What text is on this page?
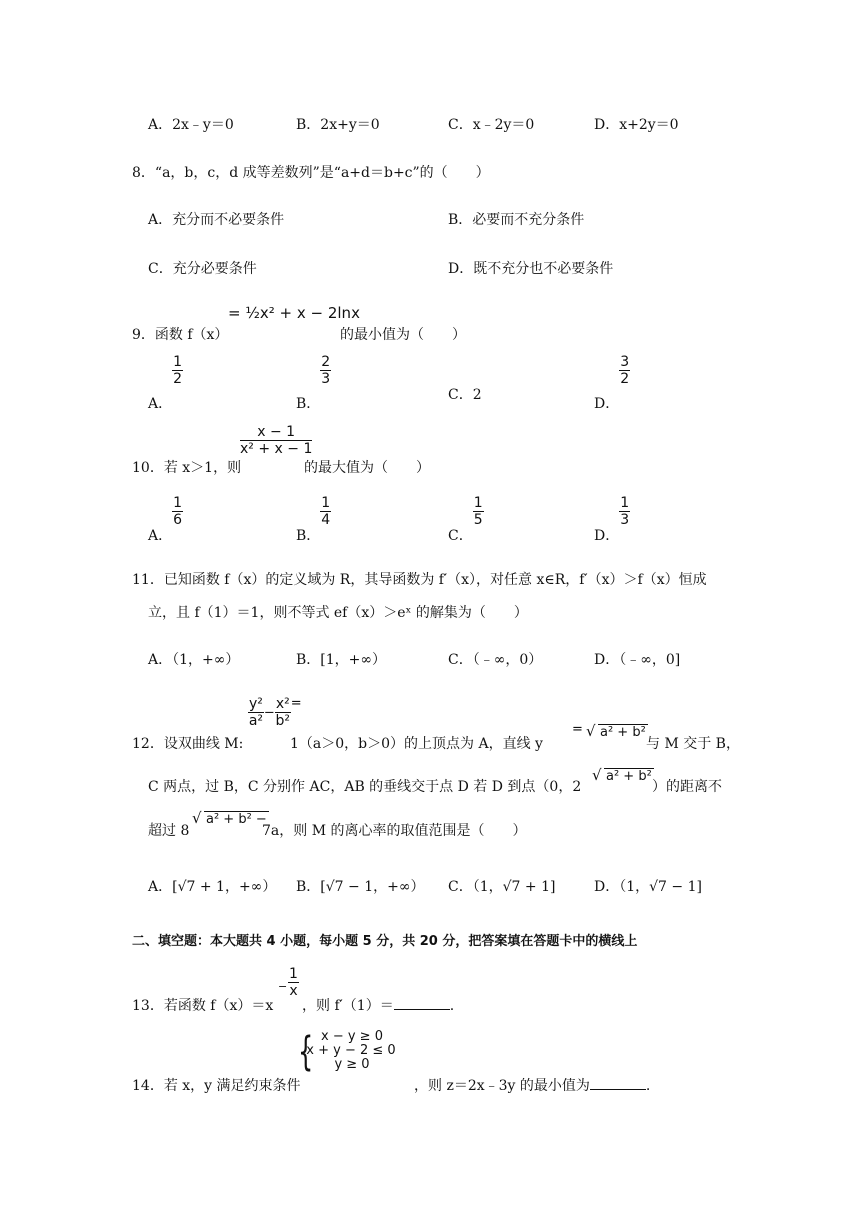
A．2x﹣y＝0	B．2x+y＝0	C．x﹣2y＝0	D．x+2y＝0
8．“a，b，c，d 成等差数列”是“a+d＝b+c”的（　　）
A．充分而不必要条件	B．必要而不充分条件
C．充分必要条件	D．既不充分也不必要条件
9．函数 f（x）
= ½x² + x − 2lnx
的最小值为（　　）
A．
$\frac{1}{2}$
B．
$\frac{2}{3}$
C．2
D．
$\frac{3}{2}$
10．若 x＞1，则
$\frac{x - 1}{\text{x² + x − 1}}$
的最大值为（　　）
A．
$\frac{1}{6}$
B．
$\frac{1}{4}$
C．
$\frac{1}{5}$
D．
$\frac{1}{3}$
11．已知函数 f（x）的定义域为 R，其导函数为 f′（x），对任意 x∈R，f′（x）＞f（x）恒成
立，且 f（1）＝1，则不等式 ef（x）＞eˣ 的解集为（　　）
A．（1，+∞）	B．[1，+∞）	C．（﹣∞，0）	D．（﹣∞，0]
12．设双曲线 M:
$\frac{\text{y²}}{\text{a²}} - \frac{\text{x²}}{\text{b²}}$ =
1（a＞0，b＞0）的上顶点为 A，直线 y
= √ a² + b²
与 M 交于 B，
C 两点，过 B，C 分别作 AC，AB 的垂线交于点 D 若 D 到点（0，2
√ a² + b²
）的距离不
超过 8
√ a² + b² −
7a，则 M 的离心率的取值范围是（　　）
A．[√7 + 1，+∞） B．[√7 − 1，+∞） C．（1，√7 + 1]	D．（1，√7 − 1]
二、填空题：本大题共 4 小题，每小题 5 分，共 20 分，把答案填在答题卡中的横线上
13．若函数 f（x）＝x
− $\frac{1}{x}$
，则 f′（1）＝	.
14．若 x，y 满足约束条件
{ x − y ≥ 0
x + y − 2 ≤ 0
y ≥ 0
，则 z＝2x﹣3y 的最小值为	.
